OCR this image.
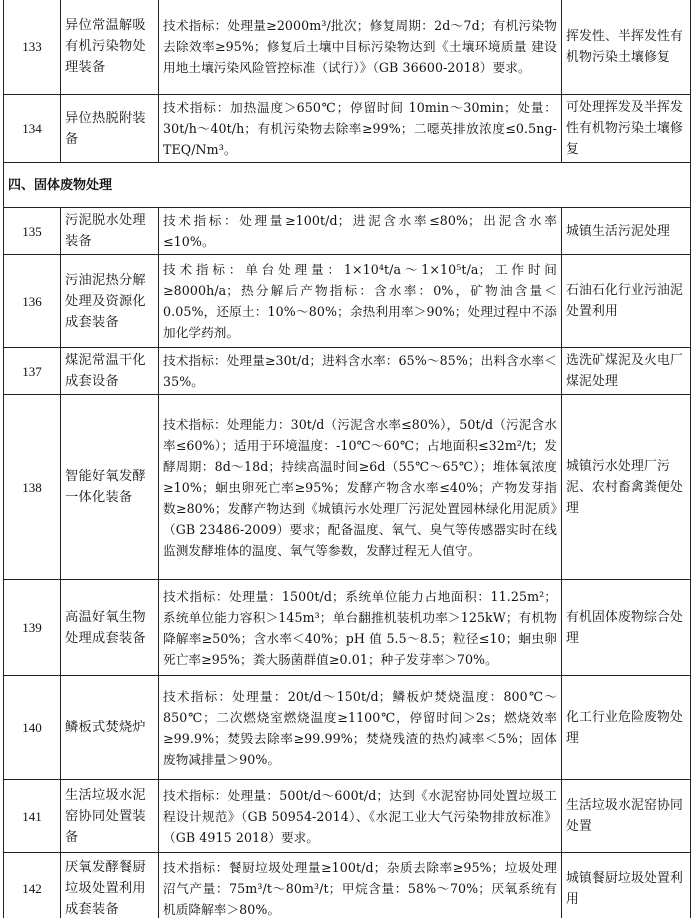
133	异位常温解吸有机污染物处理装备	技术指标：处理量≥2000m³/批次；修复周期：2d～7d；有机污染物去除效率≥95%；修复后土壤中目标污染物达到《土壤环境质量 建设用地土壤污染风险管控标准（试行）》（GB 36600-2018）要求。	挥发性、半挥发性有机物污染土壤修复
134	异位热脱附装备	技术指标：加热温度＞650℃；停留时间 10min～30min；处量：30t/h～40t/h；有机污染物去除率≥99%；二噁英排放浓度≤0.5ng-TEQ/Nm³。	可处理挥发及半挥发性有机物污染土壤修复
四、固体废物处理			
135	污泥脱水处理装备	技术指标：处理量≥100t/d；进泥含水率≤80%；出泥含水率≤10%。	城镇生活污泥处理
136	污油泥热分解处理及资源化成套装备	技术指标：单台处理量：1×10⁴t/a～1×10⁵t/a；工作时间≥8000h/a；热分解后产物指标：含水率：0%，矿物油含量＜0.05%，还原土：10%～80%；余热利用率＞90%；处理过程中不添加化学药剂。	石油石化行业污油泥处置利用
137	煤泥常温干化成套设备	技术指标：处理量≥30t/d；进料含水率：65%～85%；出料含水率＜35%。	选洗矿煤泥及火电厂煤泥处理
138	智能好氧发酵一体化装备	技术指标：处理能力：30t/d（污泥含水率≤80%），50t/d（污泥含水率≤60%）；适用于环境温度：-10℃～60℃；占地面积≤32m²/t；发酵周期：8d～18d；持续高温时间≥6d（55℃～65℃）；堆体氧浓度≥10%；蛔虫卵死亡率≥95%；发酵产物含水率≤40%；产物发芽指数≥80%；发酵产物达到《城镇污水处理厂污泥处置园林绿化用泥质》（GB 23486-2009）要求；配备温度、氧气、臭气等传感器实时在线监测发酵堆体的温度、氧气等参数，发酵过程无人值守。	城镇污水处理厂污泥、农村畜禽粪便处理
139	高温好氧生物处理成套装备	技术指标：处理量：1500t/d；系统单位能力占地面积：11.25m²；系统单位能力容积＞145m³；单台翻推机装机功率＞125kW；有机物降解率≥50%；含水率＜40%；pH 值 5.5～8.5；粒径≤10；蛔虫卵死亡率≥95%；粪大肠菌群值≥0.01；种子发芽率＞70%。	有机固体废物综合处理
140	鳞板式焚烧炉	技术指标：处理量：20t/d～150t/d；鳞板炉焚烧温度：800℃～850℃；二次燃烧室燃烧温度≥1100℃，停留时间＞2s；燃烧效率≥99.9%；焚毁去除率≥99.99%；焚烧残渣的热灼减率＜5%；固体废物减排量＞90%。	化工行业危险废物处理
141	生活垃圾水泥窑协同处置装备	技术指标：处理量：500t/d～600t/d；达到《水泥窑协同处置垃圾工程设计规范》（GB 50954-2014）、《水泥工业大气污染物排放标准》（GB 4915 2018）要求。	生活垃圾水泥窑协同处置
142	厌氧发酵餐厨垃圾处置利用成套装备	技术指标：餐厨垃圾处理量≥100t/d；杂质去除率≥95%；垃圾处理沼气产量：75m³/t～80m³/t；甲烷含量：58%～70%；厌氧系统有机质降解率＞80%。	城镇餐厨垃圾处置利用
